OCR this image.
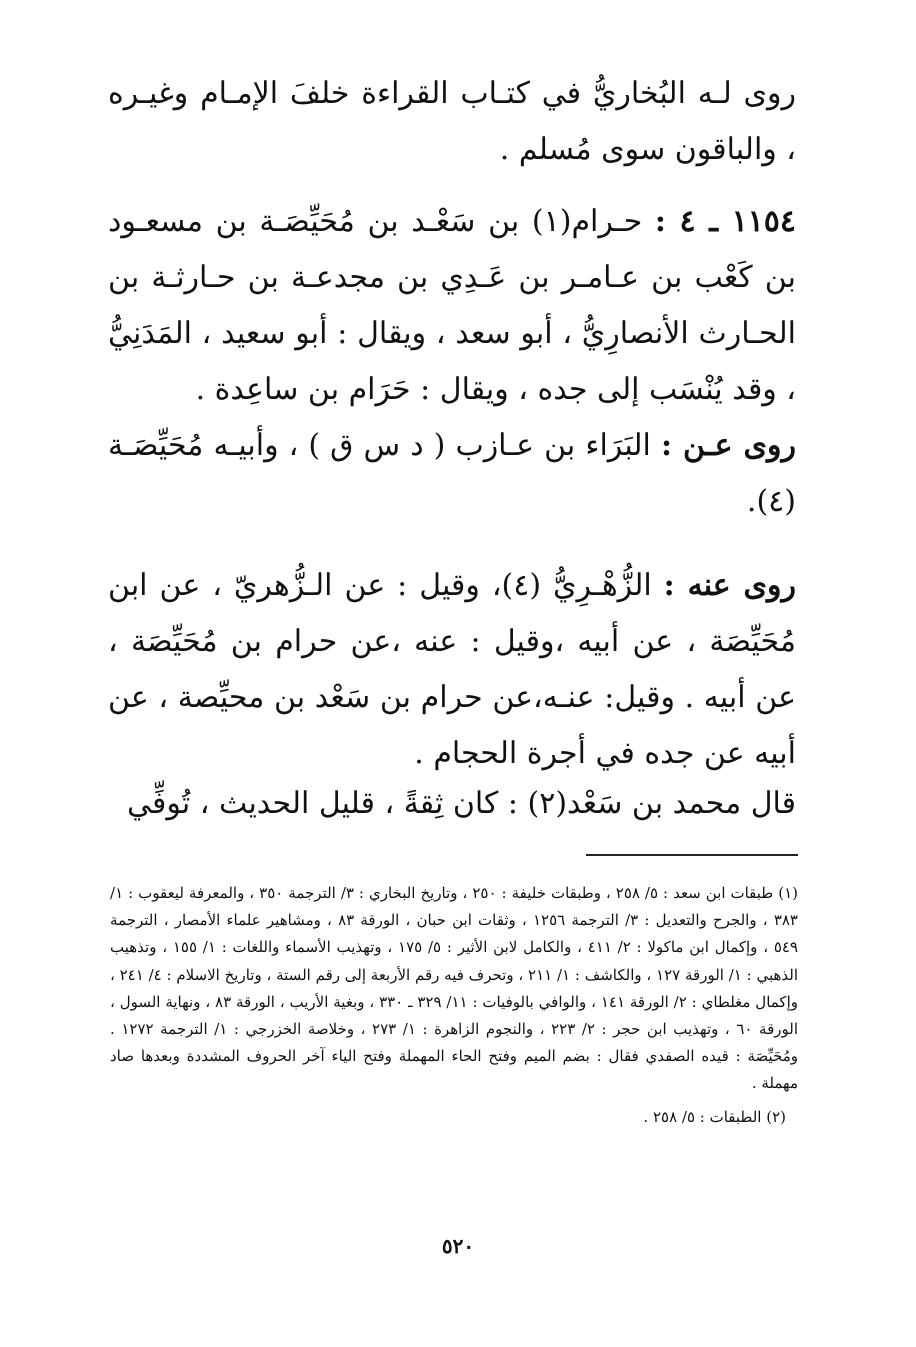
روى لـه البُخاريُّ في كتـاب القراءة خلفَ الإمـام وغيـره ، والباقون سوى مُسلم .

١١٥٤ ـ ٤ : حـرام(١) بن سَعْـد بن مُحَيِّصَـة بن مسعـود بن كَعْب بن عـامـر بن عَـدِي بن مجدعـة بن حـارثـة بن الحـارث الأنصارِيُّ ، أبو سعد ، ويقال : أبو سعيد ، المَدَنِيُّ ، وقد يُنْسَب إلى جده ، ويقال : حَرَام بن ساعِدة .

روى عـن : البَرَاء بن عـازب ( د س ق ) ، وأبيـه مُحَيِّصَـة (٤).

روى عنه : الزُّهْـرِيُّ (٤)، وقيل : عن الـزُّهريّ ، عن ابن مُحَيِّصَة ، عن أبيه ،وقيل : عنه ،عن حرام بن مُحَيِّصَة ، عن أبيه . وقيل: عنـه،عن حرام بن سَعْد بن محيِّصة ، عن أبيه عن جده في أجرة الحجام .

قال محمد بن سَعْد(٢) : كان ثِقةً ، قليل الحديث ، تُوفِّي

(١) طبقات ابن سعد : ٥/ ٢٥٨ ، وطبقات خليفة : ٢٥٠ ، وتاريخ البخاري : ٣/ الترجمة ٣٥٠ ، والمعرفة ليعقوب : ١/ ٣٨٣ ، والجرح والتعديل : ٣/ الترجمة ١٢٥٦ ، وثقات ابن حبان ، الورقة ٨٣ ، ومشاهير علماء الأمصار ، الترجمة ٥٤٩ ، وإكمال ابن ماكولا : ٢/ ٤١١ ، والكامل لابن الأثير : ٥/ ١٧٥ ، وتهذيب الأسماء واللغات : ١/ ١٥٥ ، وتذهيب الذهبي : ١/ الورقة ١٢٧ ، والكاشف : ١/ ٢١١ ، وتحرف فيه رقم الأربعة إلى رقم الستة ، وتاريخ الاسلام : ٤/ ٢٤١ ، وإكمال مغلطاي : ٢/ الورقة ١٤١ ، والوافي بالوفيات : ١١/ ٣٢٩ ـ ٣٣٠ ، وبغية الأريب ، الورقة ٨٣ ، ونهاية السول ، الورقة ٦٠ ، وتهذيب ابن حجر : ٢/ ٢٢٣ ، والنجوم الزاهرة : ١/ ٢٧٣ ، وخلاصة الخزرجي : ١/ الترجمة ١٢٧٢ . ومُحَيِّصَة : قيده الصفدي فقال : بضم الميم وفتح الحاء المهملة وفتح الياء آخر الحروف المشددة وبعدها صاد مهملة .

(٢) الطبقات : ٥/ ٢٥٨ .

٥٢٠
